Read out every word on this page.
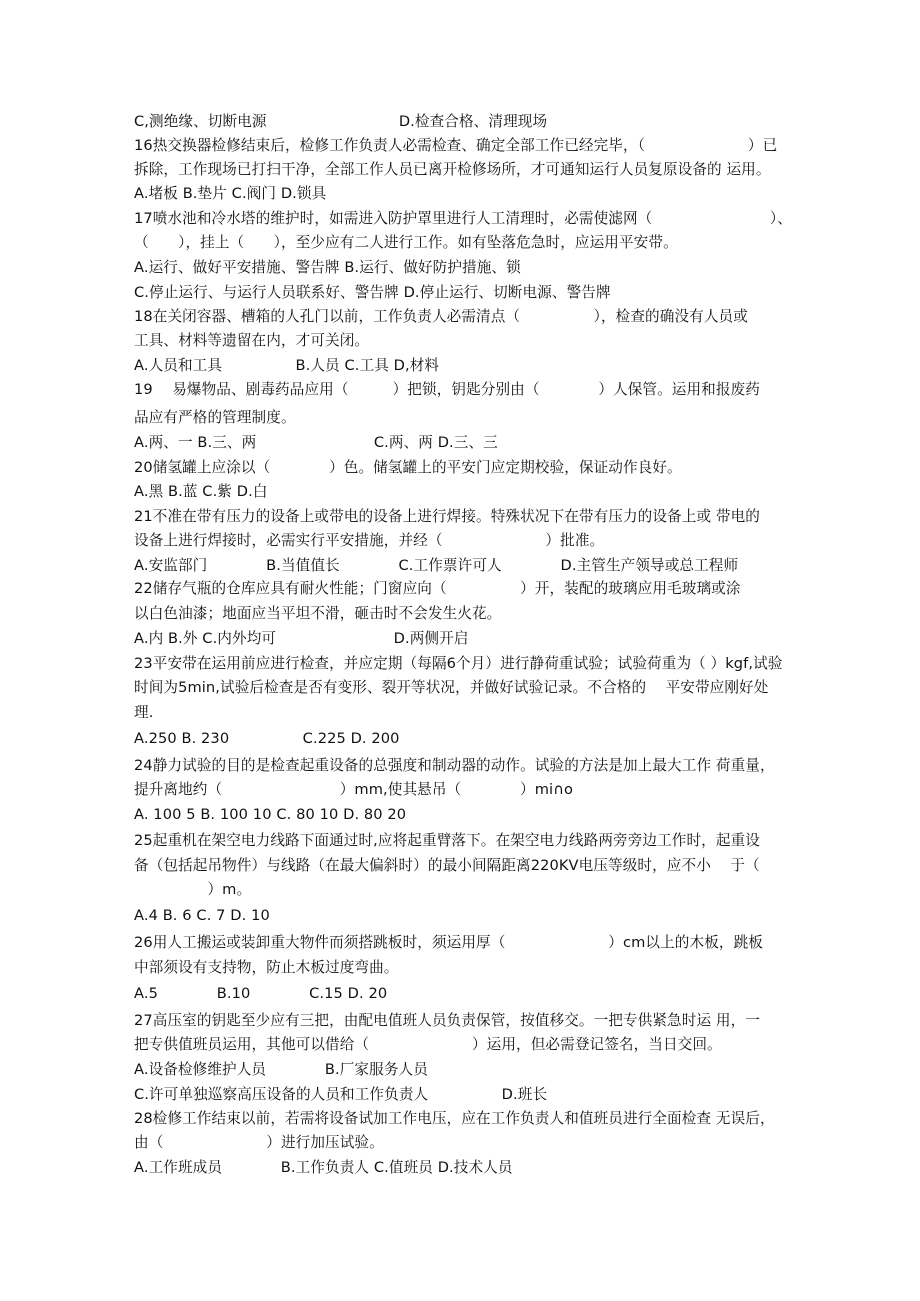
C,测绝缘、切断电源　　　　　　　　　D.检查合格、清理现场
16热交换器检修结束后，检修工作负责人必需检查、确定全部工作已经完毕，（　　　　　　　）已
拆除，工作现场已打扫干净，全部工作人员已离开检修场所，才可通知运行人员复原设备的 运用。
A.堵板 B.垫片 C.阀门 D.锁具
17喷水池和冷水塔的维护时，如需进入防护罩里进行人工清理时，必需使滤网（　　　　　　　　）、
（　　），挂上（　　），至少应有二人进行工作。如有坠落危急时，应运用平安带。
A.运行、做好平安措施、警告牌 B.运行、做好防护措施、锁
C.停止运行、与运行人员联系好、警告牌 D.停止运行、切断电源、警告牌
18在关闭容器、槽箱的人孔门以前，工作负责人必需清点（　　　　　），检查的确没有人员或
工具、材料等遗留在内，才可关闭。
A.人员和工具　　　　　B.人员 C.工具 D,材料
19　 易爆物品、剧毒药品应用（　　　）把锁，钥匙分别由（　　　　）人保管。运用和报废药
品应有严格的管理制度。
A.两、一 B.三、两　　　　　　　　C.两、两 D.三、三
20储氢罐上应涂以（　　　　）色。储氢罐上的平安门应定期校验，保证动作良好。
A.黑 B.蓝 C.紫 D.白
21不准在带有压力的设备上或带电的设备上进行焊接。特殊状况下在带有压力的设备上或 带电的
设备上进行焊接时，必需实行平安措施，并经（　　　　　　　）批准。
A.安监部门　　　　B.当值值长　　　　C.工作票许可人　　　　D.主管生产领导或总工程师
22储存气瓶的仓库应具有耐火性能；门窗应向（　　　　　）开，装配的玻璃应用毛玻璃或涂
以白色油漆；地面应当平坦不滑，砸击时不会发生火花。
A.内 B.外 C.内外均可　　　　　　　　D.两侧开启
23平安带在运用前应进行检查，并应定期（每隔6个月）进行静荷重试验；试验荷重为（ ）kgf,试验
时间为5min,试验后检查是否有变形、裂开等状况，并做好试验记录。不合格的　 平安带应刚好处
理.
A.250 B. 230　　　　　C.225 D. 200
24静力试验的目的是检查起重设备的总强度和制动器的动作。试验的方法是加上最大工作 荷重量，
提升离地约（　　　　　　　　）mm,使其悬吊（　　　　）mi∩o
A. 100 5 B. 100 10 C. 80 10 D. 80 20
25起重机在架空电力线路下面通过时,应将起重臂落下。在架空电力线路两旁旁边工作时，起重设
备（包括起吊物件）与线路（在最大偏斜时）的最小间隔距离220KV电压等级时，应不小　 于（
　　　　　）m。
A.4 B. 6 C. 7 D. 10
26用人工搬运或装卸重大物件而须搭跳板时，须运用厚（　　　　　　　）cm以上的木板，跳板
中部须设有支持物，防止木板过度弯曲。
A.5　　　　B.10　　　　C.15 D. 20
27高压室的钥匙至少应有三把，由配电值班人员负责保管，按值移交。一把专供紧急时运 用，一
把专供值班员运用，其他可以借给（　　　　　　　）运用，但必需登记签名，当日交回。
A.设备检修维护人员　　　　B.厂家服务人员
C.许可单独巡察高压设备的人员和工作负责人　　　　　D.班长
28检修工作结束以前，若需将设备试加工作电压，应在工作负责人和值班员进行全面检查 无误后，
由（　　　　　　　）进行加压试验。
A.工作班成员　　　　B.工作负责人 C.值班员 D.技术人员
